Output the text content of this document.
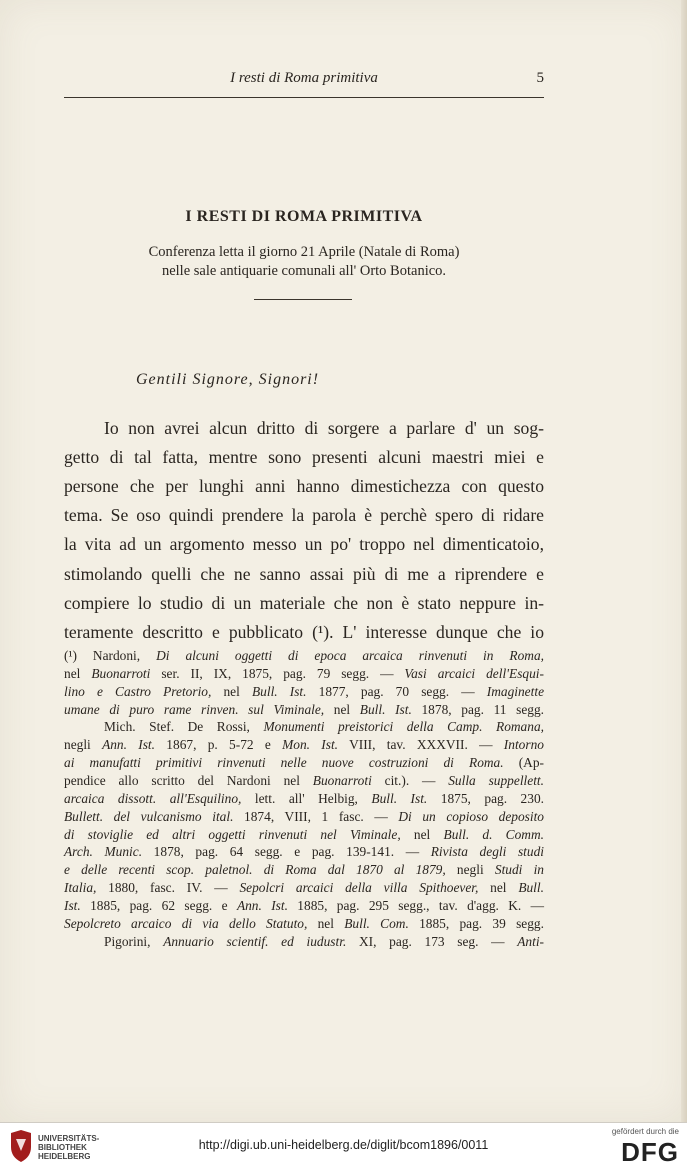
I resti di Roma primitiva	5
I RESTI DI ROMA PRIMITIVA
Conferenza letta il giorno 21 Aprile (Natale di Roma)
nelle sale antiquarie comunali all' Orto Botanico.
Gentili Signore, Signori!
Io non avrei alcun dritto di sorgere a parlare d' un sog-
getto di tal fatta, mentre sono presenti alcuni maestri miei e
persone che per lunghi anni hanno dimestichezza con questo
tema. Se oso quindi prendere la parola è perchè spero di ridare
la vita ad un argomento messo un po' troppo nel dimenticatoio,
stimolando quelli che ne sanno assai più di me a riprendere e
compiere lo studio di un materiale che non è stato neppure in-
teramente descritto e pubblicato (¹). L' interesse dunque che io
(¹) Nardoni, Di alcuni oggetti di epoca arcaica rinvenuti in Roma,
nel Buonarroti ser. II, IX, 1875, pag. 79 segg. — Vasi arcaici dell'Esqui-
lino e Castro Pretorio, nel Bull. Ist. 1877, pag. 70 segg. — Imaginette
umane di puro rame rinven. sul Viminale, nel Bull. Ist. 1878, pag. 11 segg.
Mich. Stef. De Rossi, Monumenti preistorici della Camp. Romana,
negli Ann. Ist. 1867, p. 5-72 e Mon. Ist. VIII, tav. XXXVII. — Intorno
ai manufatti primitivi rinvenuti nelle nuove costruzioni di Roma. (Ap-
pendice allo scritto del Nardoni nel Buonarroti cit.). — Sulla suppellett.
arcaica dissott. all'Esquilino, lett. all' Helbig, Bull. Ist. 1875, pag. 230.
Bullett. del vulcanismo ital. 1874, VIII, 1 fasc. — Di un copioso deposito
di stoviglie ed altri oggetti rinvenuti nel Viminale, nel Bull. d. Comm.
Arch. Munic. 1878, pag. 64 segg. e pag. 139-141. — Rivista degli studi
e delle recenti scop. paletnol. di Roma dal 1870 al 1879, negli Studi in
Italia, 1880, fasc. IV. — Sepolcri arcaici della villa Spithoever, nel Bull.
Ist. 1885, pag. 62 segg. e Ann. Ist. 1885, pag. 295 segg., tav. d'agg. K. —
Sepolcreto arcaico di via dello Statuto, nel Bull. Com. 1885, pag. 39 segg.
Pigorini, Annuario scientif. ed iudustr. XI, pag. 173 seg. — Anti-
UNIVERSITÄTS-
BIBLIOTHEK
HEIDELBERG
http://digi.ub.uni-heidelberg.de/diglit/bcom1896/0011
gefördert durch die
DFG
